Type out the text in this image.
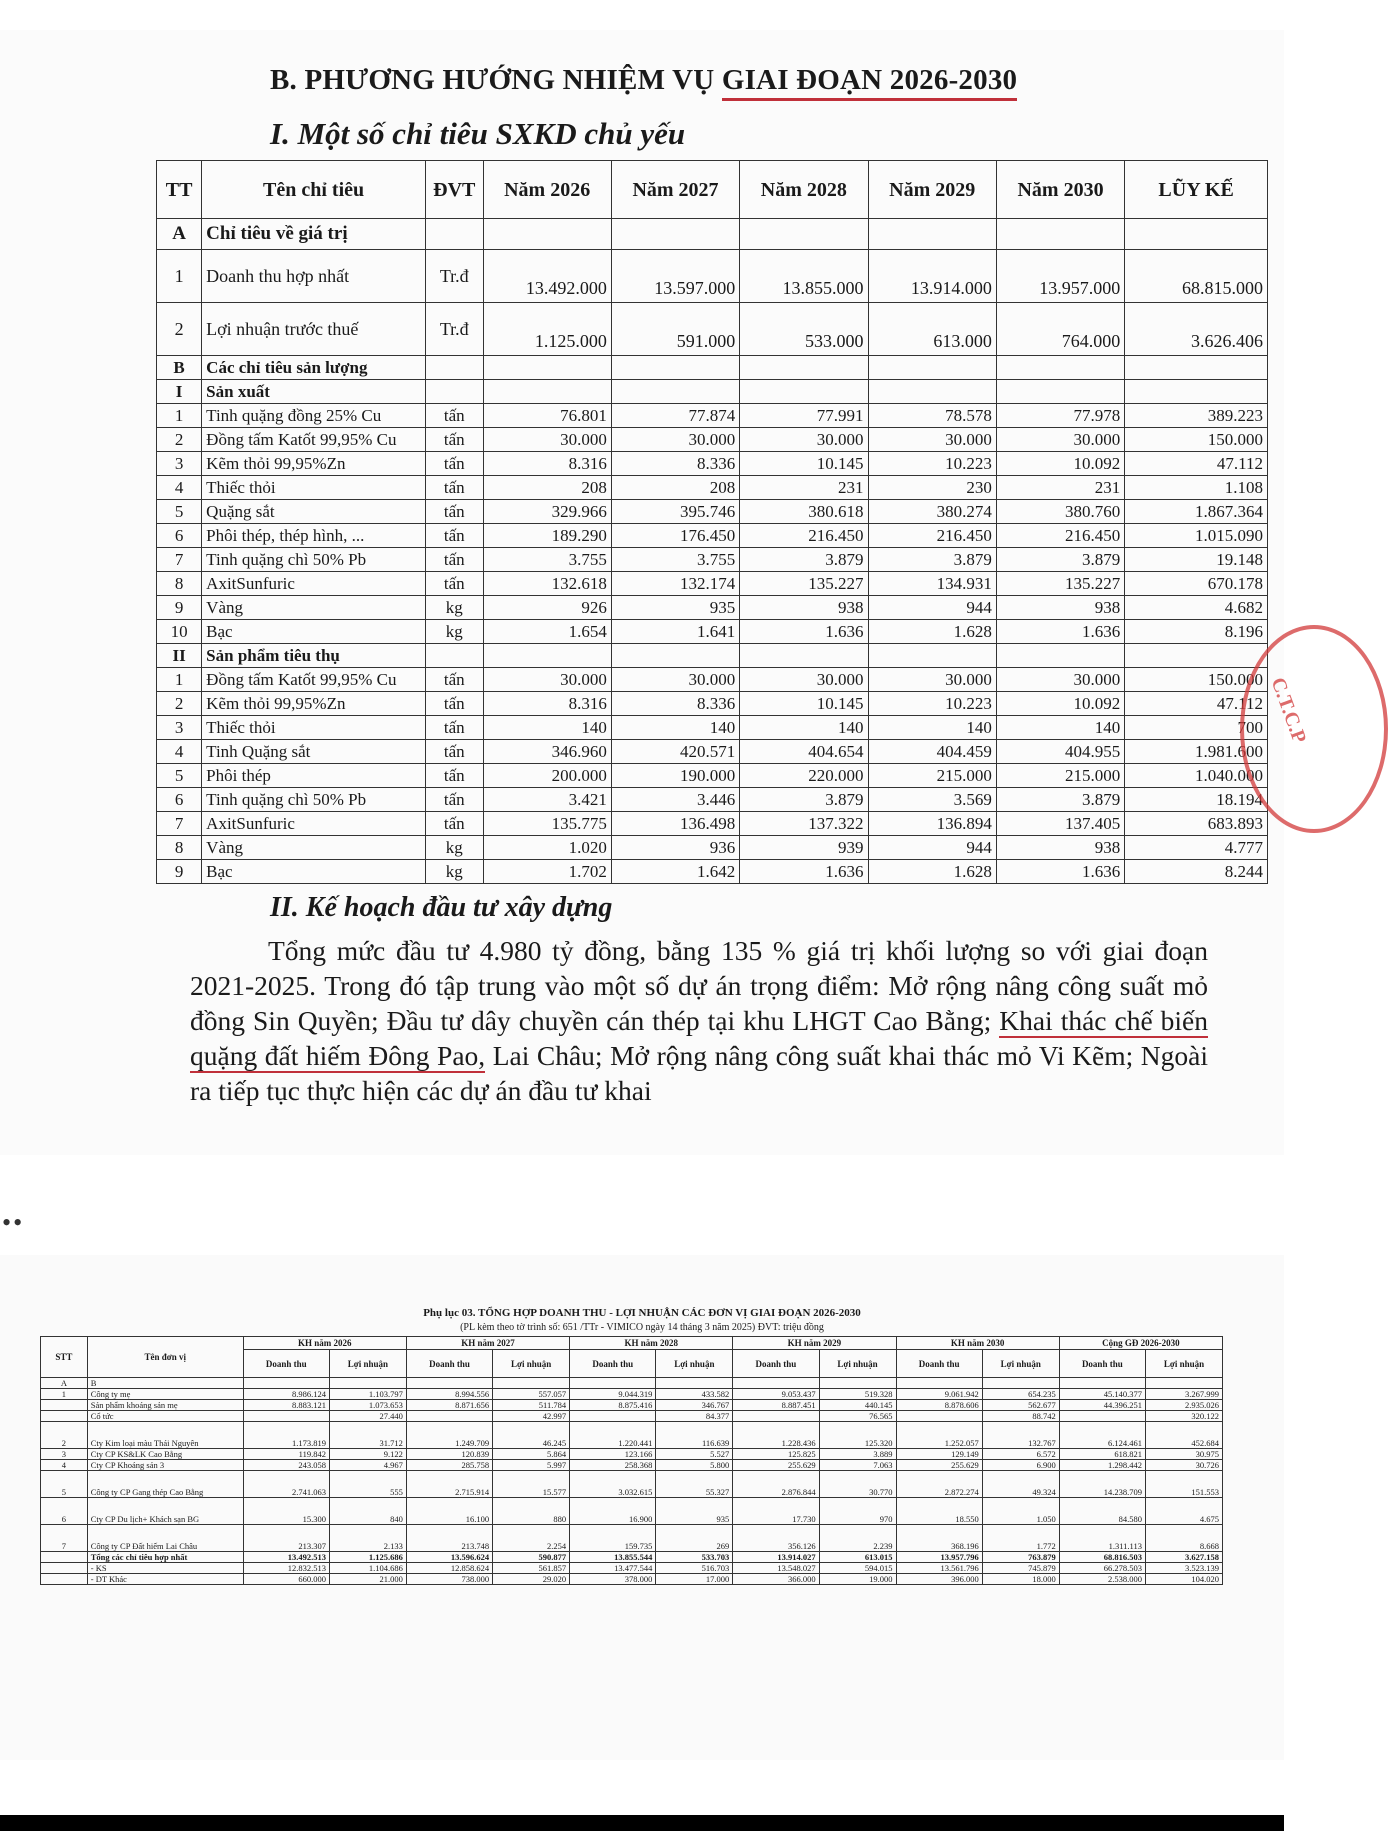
B. PHƯƠNG HƯỚNG NHIỆM VỤ GIAI ĐOẠN 2026-2030
I. Một số chỉ tiêu SXKD chủ yếu
TT	Tên chỉ tiêu	ĐVT	Năm 2026	Năm 2027	Năm 2028	Năm 2029	Năm 2030	LŨY KẾ
A	Chỉ tiêu về giá trị							
1	Doanh thu hợp nhất	Tr.đ	13.492.000	13.597.000	13.855.000	13.914.000	13.957.000	68.815.000
2	Lợi nhuận trước thuế	Tr.đ	1.125.000	591.000	533.000	613.000	764.000	3.626.406
B	Các chỉ tiêu sản lượng							
I	Sản xuất							
1	Tinh quặng đồng 25% Cu	tấn	76.801	77.874	77.991	78.578	77.978	389.223
2	Đồng tấm Katốt 99,95% Cu	tấn	30.000	30.000	30.000	30.000	30.000	150.000
3	Kẽm thỏi 99,95%Zn	tấn	8.316	8.336	10.145	10.223	10.092	47.112
4	Thiếc thỏi	tấn	208	208	231	230	231	1.108
5	Quặng sắt	tấn	329.966	395.746	380.618	380.274	380.760	1.867.364
6	Phôi thép, thép hình, ...	tấn	189.290	176.450	216.450	216.450	216.450	1.015.090
7	Tinh quặng chì 50% Pb	tấn	3.755	3.755	3.879	3.879	3.879	19.148
8	AxitSunfuric	tấn	132.618	132.174	135.227	134.931	135.227	670.178
9	Vàng	kg	926	935	938	944	938	4.682
10	Bạc	kg	1.654	1.641	1.636	1.628	1.636	8.196
II	Sản phẩm tiêu thụ							
1	Đồng tấm Katốt 99,95% Cu	tấn	30.000	30.000	30.000	30.000	30.000	150.000
2	Kẽm thỏi 99,95%Zn	tấn	8.316	8.336	10.145	10.223	10.092	47.112
3	Thiếc thỏi	tấn	140	140	140	140	140	700
4	Tinh Quặng sắt	tấn	346.960	420.571	404.654	404.459	404.955	1.981.600
5	Phôi thép	tấn	200.000	190.000	220.000	215.000	215.000	1.040.000
6	Tinh quặng chì 50% Pb	tấn	3.421	3.446	3.879	3.569	3.879	18.194
7	AxitSunfuric	tấn	135.775	136.498	137.322	136.894	137.405	683.893
8	Vàng	kg	1.020	936	939	944	938	4.777
9	Bạc	kg	1.702	1.642	1.636	1.628	1.636	8.244
C.T.C.P
II. Kế hoạch đầu tư xây dựng
Tổng mức đầu tư 4.980 tỷ đồng, bằng 135 % giá trị khối lượng so với giai đoạn 2021-2025. Trong đó tập trung vào một số dự án trọng điểm: Mở rộng nâng công suất mỏ đồng Sin Quyền; Đầu tư dây chuyền cán thép tại khu LHGT Cao Bằng; Khai thác chế biến quặng đất hiếm Đông Pao, Lai Châu; Mở rộng nâng công suất khai thác mỏ Vi Kẽm; Ngoài ra tiếp tục thực hiện các dự án đầu tư khai
••
Phụ lục 03. TỔNG HỢP DOANH THU - LỢI NHUẬN CÁC ĐƠN VỊ GIAI ĐOẠN 2026-2030
(PL kèm theo tờ trình số: 651 /TTr - VIMICO ngày 14 tháng 3 năm 2025) ĐVT: triệu đồng
STT	Tên đơn vị	KH năm 2026		KH năm 2027		KH năm 2028		KH năm 2029		KH năm 2030		Cộng GĐ 2026-2030	
		Doanh thu	Lợi nhuận	Doanh thu	Lợi nhuận	Doanh thu	Lợi nhuận	Doanh thu	Lợi nhuận	Doanh thu	Lợi nhuận	Doanh thu	Lợi nhuận
A	B												
1	Công ty mẹ	8.986.124	1.103.797	8.994.556	557.057	9.044.319	433.582	9.053.437	519.328	9.061.942	654.235	45.140.377	3.267.999
	Sản phẩm khoáng sản mẹ	8.883.121	1.073.653	8.871.656	511.784	8.875.416	346.767	8.887.451	440.145	8.878.606	562.677	44.396.251	2.935.026
	Cổ tức		27.440		42.997		84.377		76.565		88.742		320.122
2	Cty Kim loại màu Thái Nguyên	1.173.819	31.712	1.249.709	46.245	1.220.441	116.639	1.228.436	125.320	1.252.057	132.767	6.124.461	452.684
3	Cty CP KS&LK Cao Bằng	119.842	9.122	120.839	5.864	123.166	5.527	125.825	3.889	129.149	6.572	618.821	30.975
4	Cty CP Khoáng sản 3	243.058	4.967	285.758	5.997	258.368	5.800	255.629	7.063	255.629	6.900	1.298.442	30.726
5	Công ty CP Gang thép Cao Bằng	2.741.063	555	2.715.914	15.577	3.032.615	55.327	2.876.844	30.770	2.872.274	49.324	14.238.709	151.553
6	Cty CP Du lịch+ Khách sạn BG	15.300	840	16.100	880	16.900	935	17.730	970	18.550	1.050	84.580	4.675
7	Công ty CP Đất hiếm Lai Châu	213.307	2.133	213.748	2.254	159.735	269	356.126	2.239	368.196	1.772	1.311.113	8.668
	Tổng các chỉ tiêu hợp nhất	13.492.513	1.125.686	13.596.624	590.877	13.855.544	533.703	13.914.027	613.015	13.957.796	763.879	68.816.503	3.627.158
	- KS	12.832.513	1.104.686	12.858.624	561.857	13.477.544	516.703	13.548.027	594.015	13.561.796	745.879	66.278.503	3.523.139
	- DT Khác	660.000	21.000	738.000	29.020	378.000	17.000	366.000	19.000	396.000	18.000	2.538.000	104.020
